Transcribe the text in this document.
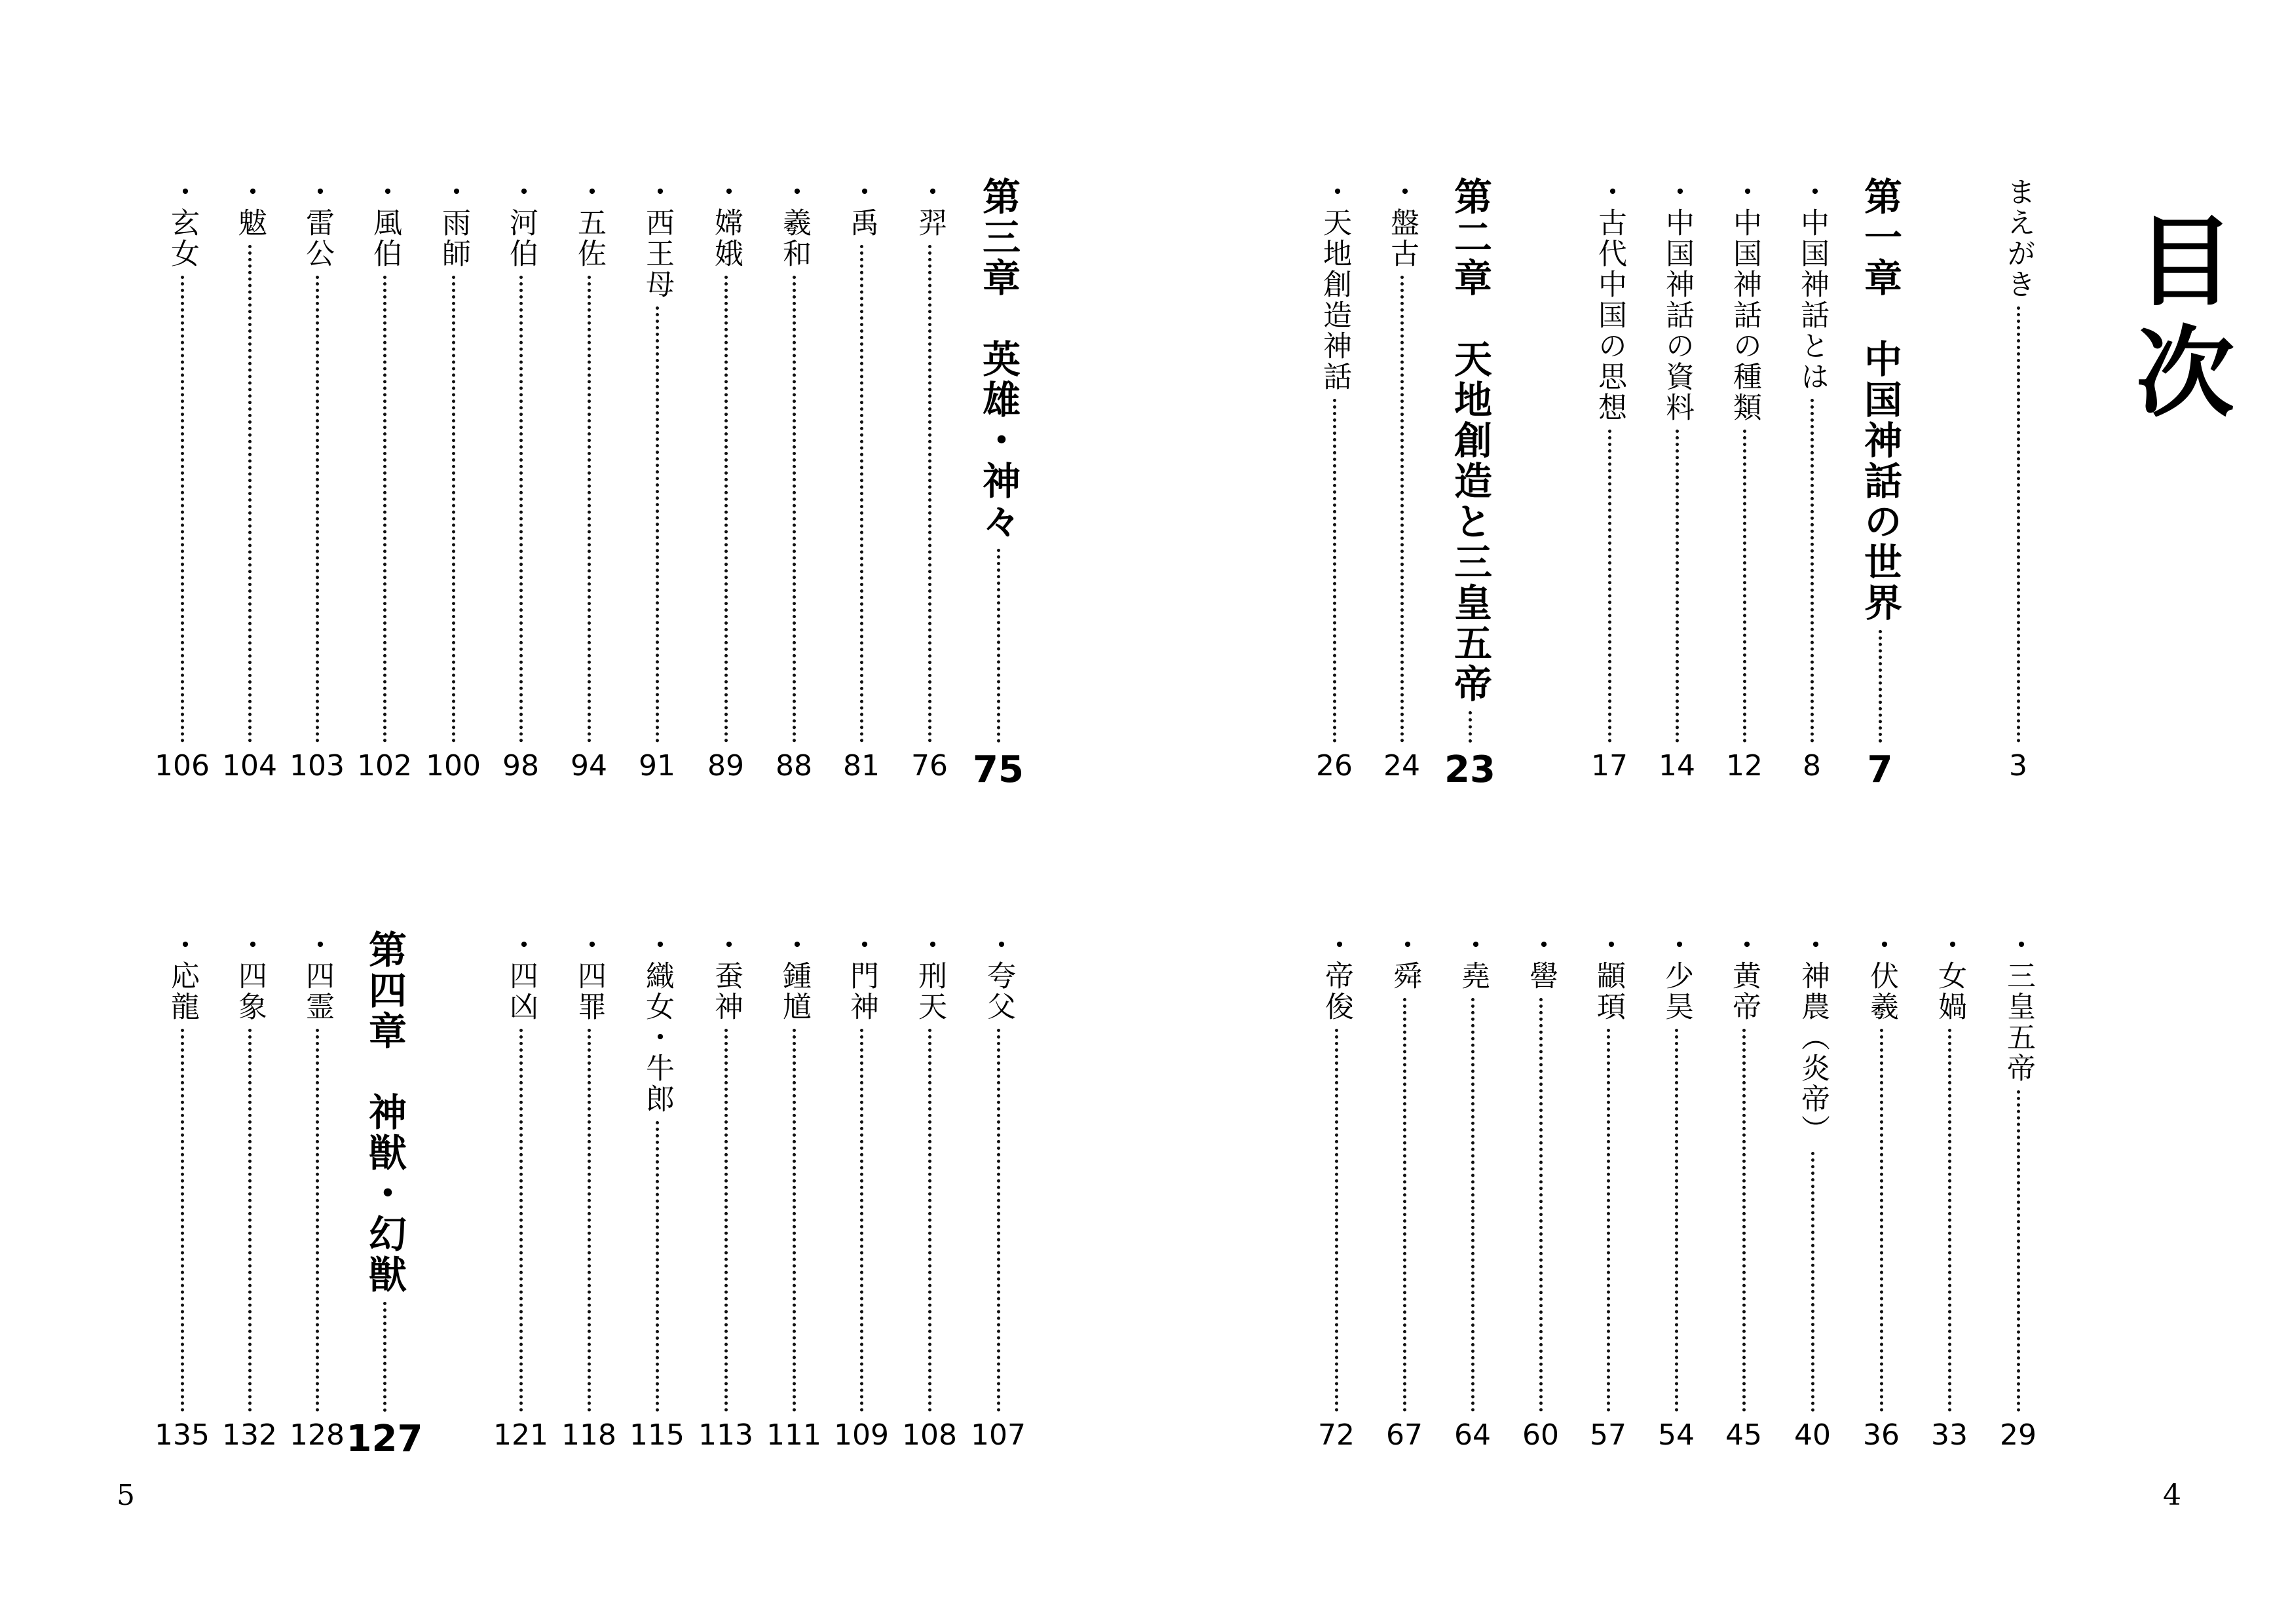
目次
まえがき
3
第一章　中国神話の世界
7
・中国神話とは
8
・中国神話の種類
12
・中国神話の資料
14
・古代中国の思想
17
第二章　天地創造と三皇五帝
23
・盤古
24
・天地創造神話
26
・三皇五帝
29
・女媧
33
・伏羲
36
・神農（炎帝）
40
・黄帝
45
・少昊
54
・顓頊
57
・嚳
60
・堯
64
・舜
67
・帝俊
72
4
第三章　英雄・神々
75
・羿
76
・禹
81
・羲和
88
・嫦娥
89
・西王母
91
・五佐
94
・河伯
98
・雨師
100
・風伯
102
・雷公
103
・魃
104
・玄女
106
・夸父
107
・刑天
108
・門神
109
・鍾馗
111
・蚕神
113
・織女・牛郎
115
・四罪
118
・四凶
121
第四章　神獣・幻獣
127
・四霊
128
・四象
132
・応龍
135
5
